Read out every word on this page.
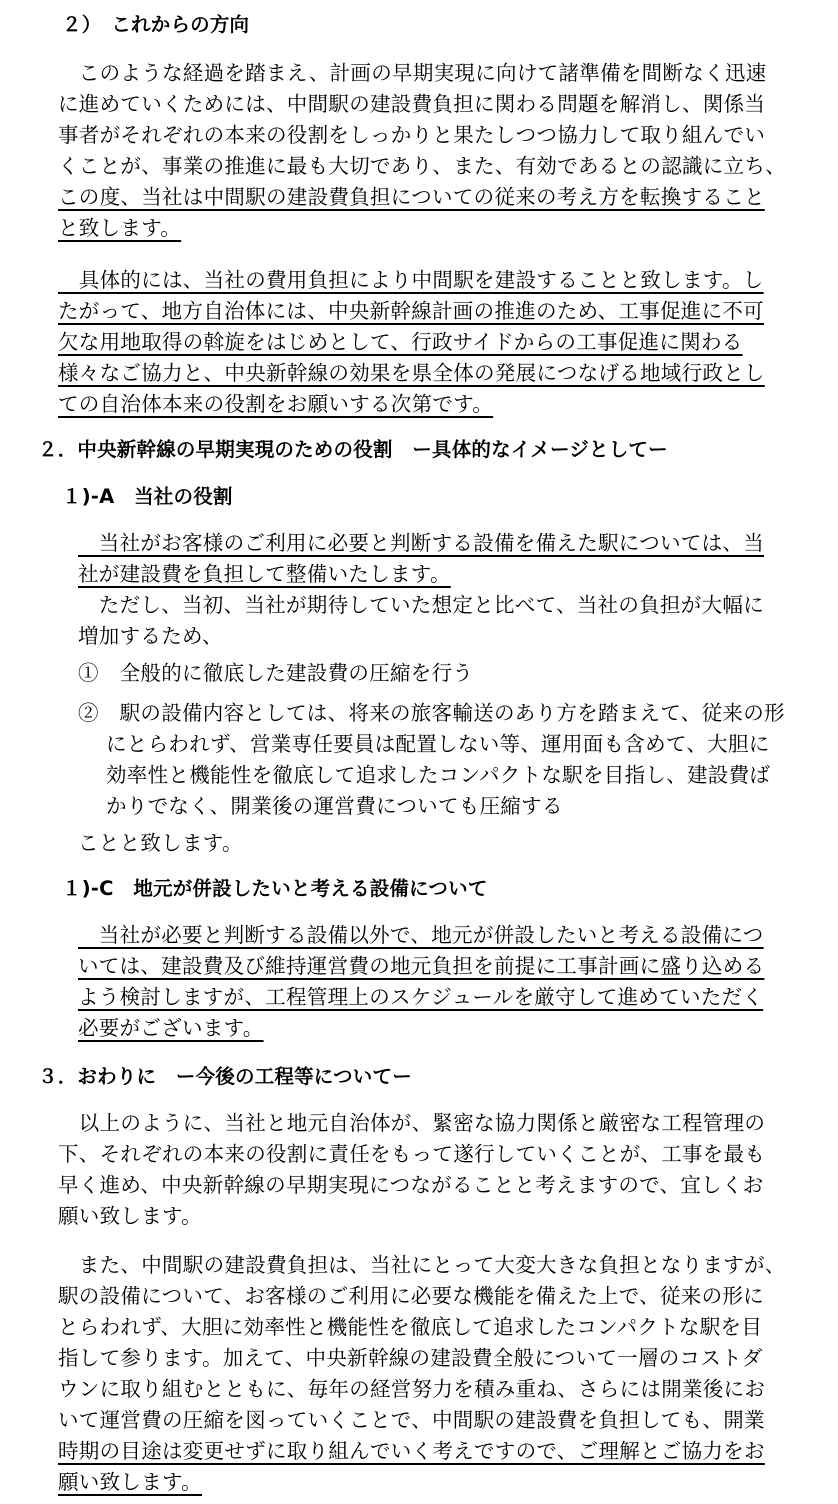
２）　これからの方向
　このような経過を踏まえ、計画の早期実現に向けて諸準備を間断なく迅速
に進めていくためには、中間駅の建設費負担に関わる問題を解消し、関係当
事者がそれぞれの本来の役割をしっかりと果たしつつ協力して取り組んでい
くことが、事業の推進に最も大切であり、また、有効であるとの認識に立ち、
この度、当社は中間駅の建設費負担についての従来の考え方を転換すること
と致します。
　具体的には、当社の費用負担により中間駅を建設することと致します。し
たがって、地方自治体には、中央新幹線計画の推進のため、工事促進に不可
欠な用地取得の斡旋をはじめとして、行政サイドからの工事促進に関わる
様々なご協力と、中央新幹線の効果を県全体の発展につなげる地域行政とし
ての自治体本来の役割をお願いする次第です。
２．中央新幹線の早期実現のための役割　ー具体的なイメージとしてー
１)-A　当社の役割
　当社がお客様のご利用に必要と判断する設備を備えた駅については、当
社が建設費を負担して整備いたします。
　ただし、当初、当社が期待していた想定と比べて、当社の負担が大幅に
増加するため、
①　全般的に徹底した建設費の圧縮を行う
②　駅の設備内容としては、将来の旅客輸送のあり方を踏まえて、従来の形
にとらわれず、営業専任要員は配置しない等、運用面も含めて、大胆に
効率性と機能性を徹底して追求したコンパクトな駅を目指し、建設費ば
かりでなく、開業後の運営費についても圧縮する
ことと致します。
１)-C　地元が併設したいと考える設備について
　当社が必要と判断する設備以外で、地元が併設したいと考える設備につ
いては、建設費及び維持運営費の地元負担を前提に工事計画に盛り込める
よう検討しますが、工程管理上のスケジュールを厳守して進めていただく
必要がございます。
３．おわりに　ー今後の工程等についてー
　以上のように、当社と地元自治体が、緊密な協力関係と厳密な工程管理の
下、それぞれの本来の役割に責任をもって遂行していくことが、工事を最も
早く進め、中央新幹線の早期実現につながることと考えますので、宜しくお
願い致します。
　また、中間駅の建設費負担は、当社にとって大変大きな負担となりますが、
駅の設備について、お客様のご利用に必要な機能を備えた上で、従来の形に
とらわれず、大胆に効率性と機能性を徹底して追求したコンパクトな駅を目
指して参ります。加えて、中央新幹線の建設費全般について一層のコストダ
ウンに取り組むとともに、毎年の経営努力を積み重ね、さらには開業後にお
いて運営費の圧縮を図っていくことで、中間駅の建設費を負担しても、開業
時期の目途は変更せずに取り組んでいく考えですので、ご理解とご協力をお
願い致します。
